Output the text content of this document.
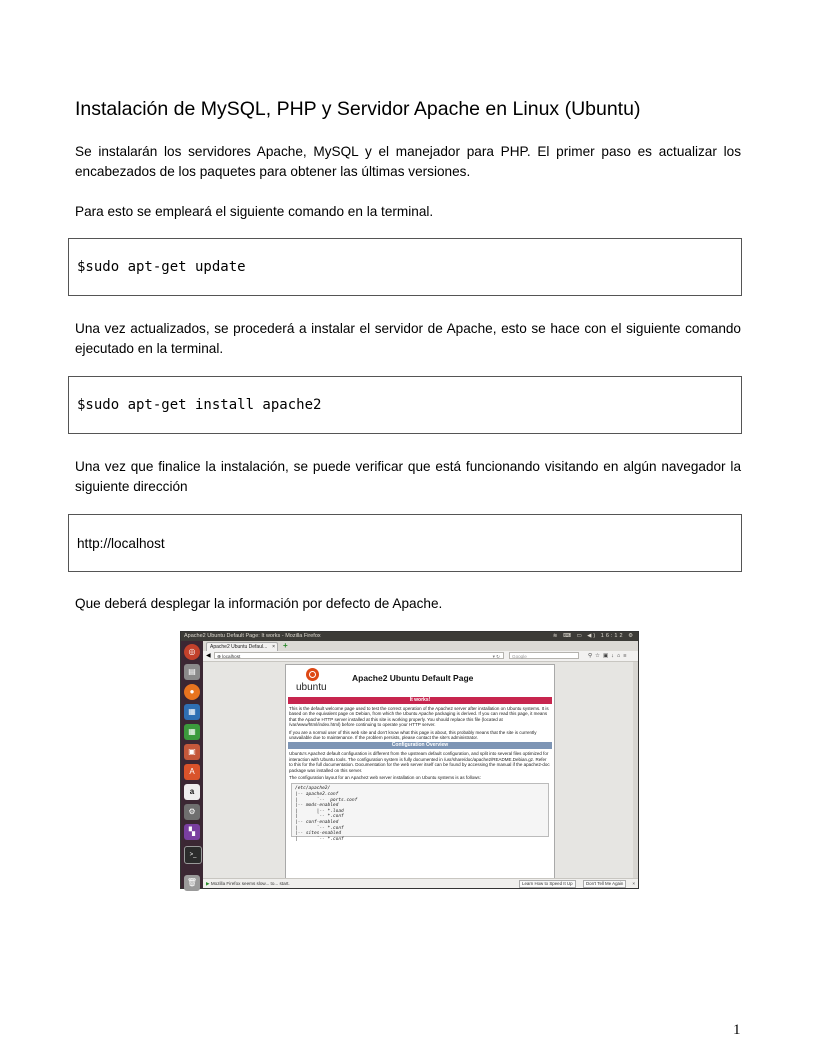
Instalación de MySQL, PHP y Servidor Apache en Linux (Ubuntu)

Se instalarán los servidores Apache, MySQL y el manejador para PHP. El primer paso es actualizar los encabezados de los paquetes para obtener las últimas versiones.

Para esto se empleará el siguiente comando en la terminal.

$sudo apt-get update

Una vez actualizados, se procederá a instalar el servidor de Apache, esto se hace con el siguiente comando ejecutado en la terminal.

$sudo apt-get install apache2

Una vez que finalice la instalación, se puede verificar que está funcionando visitando en algún navegador la siguiente dirección

http://localhost

Que deberá desplegar la información por defecto de Apache.

Apache2 Ubuntu Default Page: It works - Mozilla Firefox	≋ ⌨ ▭ ◀) 16:12 ⚙
◎
▤
●
▦
▦
▣
A
a
⚙
▚
>_
🗑
Apache2 Ubuntu Defaul... × +
◀	⊕ localhost	▾ ↻	Google	⚲☆▣↓⌂≡
ubuntu
Apache2 Ubuntu Default Page
It works!

This is the default welcome page used to test the correct operation of the Apache2 server after installation on Ubuntu systems. It is based on the equivalent page on Debian, from which the Ubuntu Apache packaging is derived. If you can read this page, it means that the Apache HTTP server installed at this site is working properly. You should replace this file (located at /var/www/html/index.html) before continuing to operate your HTTP server.

If you are a normal user of this web site and don't know what this page is about, this probably means that the site is currently unavailable due to maintenance. If the problem persists, please contact the site's administrator.

Configuration Overview

Ubuntu's Apache2 default configuration is different from the upstream default configuration, and split into several files optimized for interaction with Ubuntu tools. The configuration system is fully documented in /usr/share/doc/apache2/README.Debian.gz. Refer to this for the full documentation. Documentation for the web server itself can be found by accessing the manual if the apache2-doc package was installed on this server.

The configuration layout for an Apache2 web server installation on Ubuntu systems is as follows:

/etc/apache2/
|-- apache2.conf
|       `--  ports.conf
|-- mods-enabled
|       |-- *.load
|       `-- *.conf
|-- conf-enabled
|       `-- *.conf
|-- sites-enabled
|       `-- *.conf
▶ Mozilla Firefox seems slow... to... start.	Learn How to Speed It Up	Don't Tell Me Again	×
1
